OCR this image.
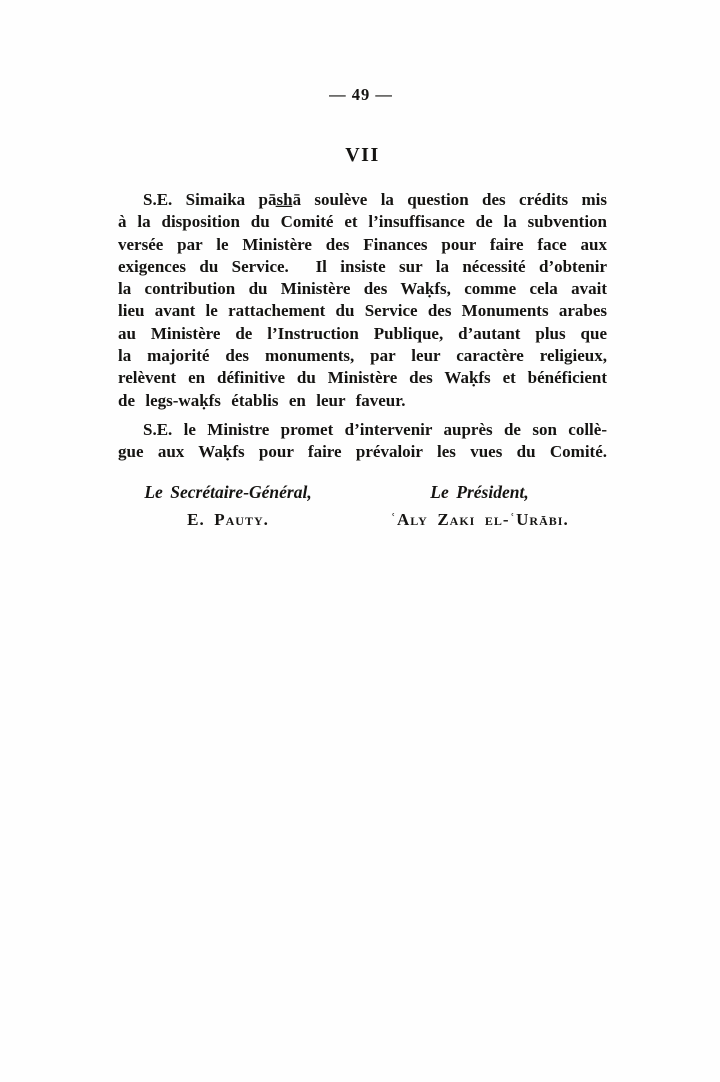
— 49 —
VII
S.E. Simaika pās̲h̲ā soulève la question des crédits mis
à la disposition du Comité et l’insuffisance de la subvention
versée par le Ministère des Finances pour faire face aux
exigences du Service.  Il insiste sur la nécessité d’obtenir
la contribution du Ministère des Waḳfs, comme cela avait
lieu avant le rattachement du Service des Monuments arabes
au Ministère de l’Instruction Publique, d’autant plus que
la majorité des monuments, par leur caractère religieux,
relèvent en définitive du Ministère des Waḳfs et bénéficient
de legs-waḳfs établis en leur faveur.
S.E. le Ministre promet d’intervenir auprès de son collè-
gue aux Waḳfs pour faire prévaloir les vues du Comité.
Le Secrétaire-Général,
E. Pauty.
Le Président,
ʿAly Zaki el-ʿUrābi.
